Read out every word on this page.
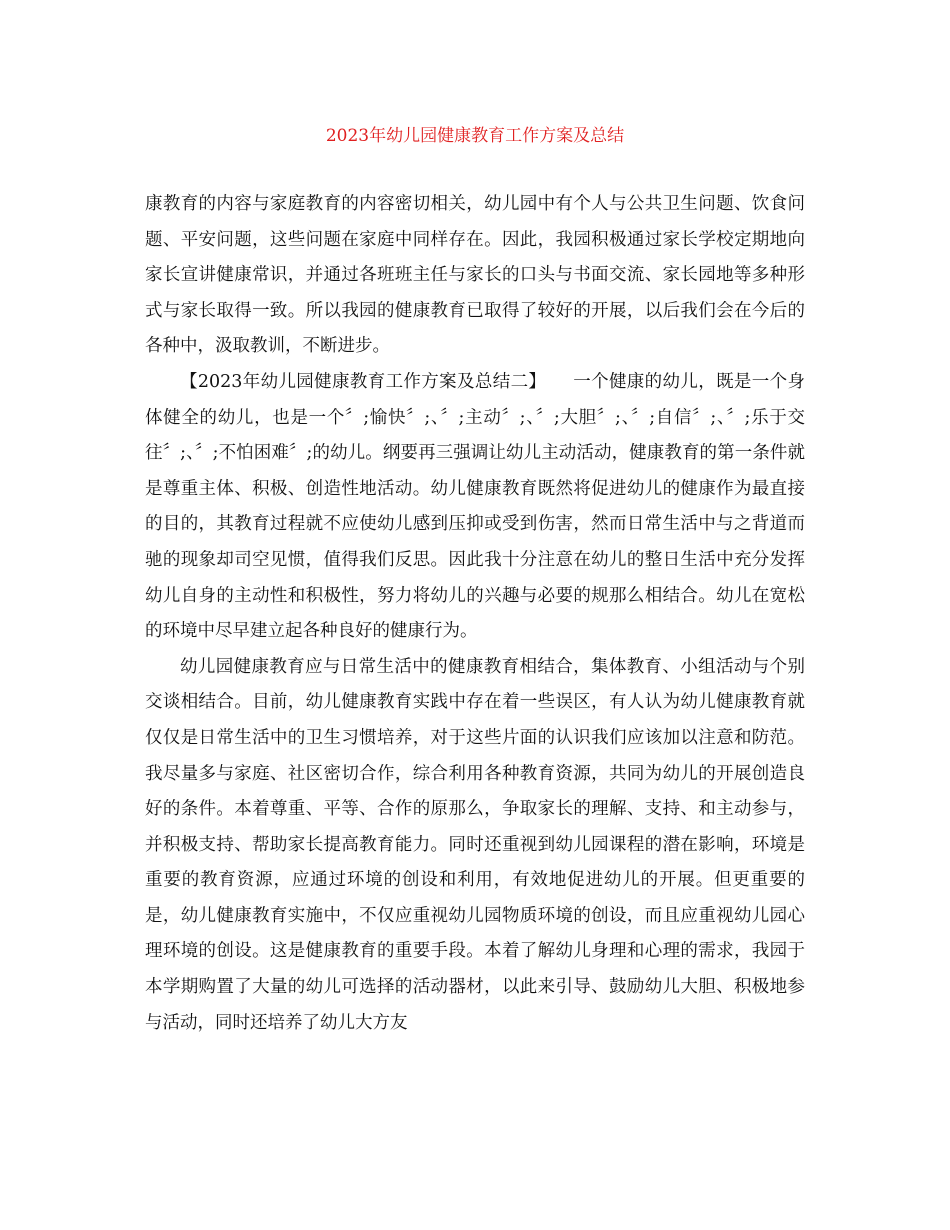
2023年幼儿园健康教育工作方案及总结

康教育的内容与家庭教育的内容密切相关，幼儿园中有个人与公共卫生问题、饮食问题、平安问题，这些问题在家庭中同样存在。因此，我园积极通过家长学校定期地向家长宣讲健康常识，并通过各班班主任与家长的口头与书面交流、家长园地等多种形式与家长取得一致。所以我园的健康教育已取得了较好的开展，以后我们会在今后的各种中，汲取教训，不断进步。

【2023年幼儿园健康教育工作方案及总结二】　　一个健康的幼儿，既是一个身体健全的幼儿，也是一个〞;愉快〞;、〞;主动〞;、〞;大胆〞;、〞;自信〞;、〞;乐于交往〞;、〞;不怕困难〞;的幼儿。纲要再三强调让幼儿主动活动，健康教育的第一条件就是尊重主体、积极、创造性地活动。幼儿健康教育既然将促进幼儿的健康作为最直接的目的，其教育过程就不应使幼儿感到压抑或受到伤害，然而日常生活中与之背道而驰的现象却司空见惯，值得我们反思。因此我十分注意在幼儿的整日生活中充分发挥幼儿自身的主动性和积极性，努力将幼儿的兴趣与必要的规那么相结合。幼儿在宽松的环境中尽早建立起各种良好的健康行为。

幼儿园健康教育应与日常生活中的健康教育相结合，集体教育、小组活动与个别交谈相结合。目前，幼儿健康教育实践中存在着一些误区，有人认为幼儿健康教育就仅仅是日常生活中的卫生习惯培养，对于这些片面的认识我们应该加以注意和防范。我尽量多与家庭、社区密切合作，综合利用各种教育资源，共同为幼儿的开展创造良好的条件。本着尊重、平等、合作的原那么，争取家长的理解、支持、和主动参与，并积极支持、帮助家长提高教育能力。同时还重视到幼儿园课程的潜在影响，环境是重要的教育资源，应通过环境的创设和利用，有效地促进幼儿的开展。但更重要的是，幼儿健康教育实施中，不仅应重视幼儿园物质环境的创设，而且应重视幼儿园心理环境的创设。这是健康教育的重要手段。本着了解幼儿身理和心理的需求，我园于本学期购置了大量的幼儿可选择的活动器材，以此来引导、鼓励幼儿大胆、积极地参与活动，同时还培养了幼儿大方友
